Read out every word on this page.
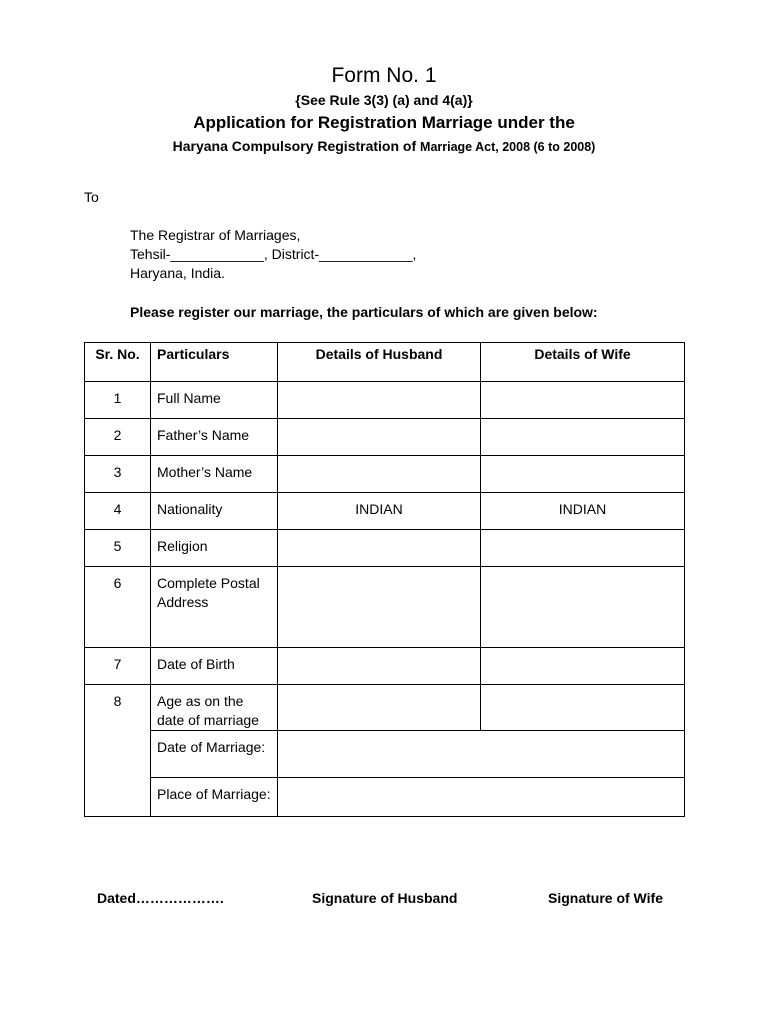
Form No. 1
{See Rule 3(3) (a) and 4(a)}
Application for Registration Marriage under the
Haryana Compulsory Registration of Marriage Act, 2008 (6 to 2008)
To
The Registrar of Marriages,
Tehsil-____________, District-____________,
Haryana, India.
Please register our marriage, the particulars of which are given below:
Sr. No.	Particulars	Details of Husband	Details of Wife
1	Full Name		
2	Father’s Name		
3	Mother’s Name		
4	Nationality	INDIAN	INDIAN
5	Religion		
6	Complete Postal Address		
7	Date of Birth		
8	Age as on the date of marriage		
	Date of Marriage:		
	Place of Marriage:		
Dated……………….	Signature of Husband	Signature of Wife
